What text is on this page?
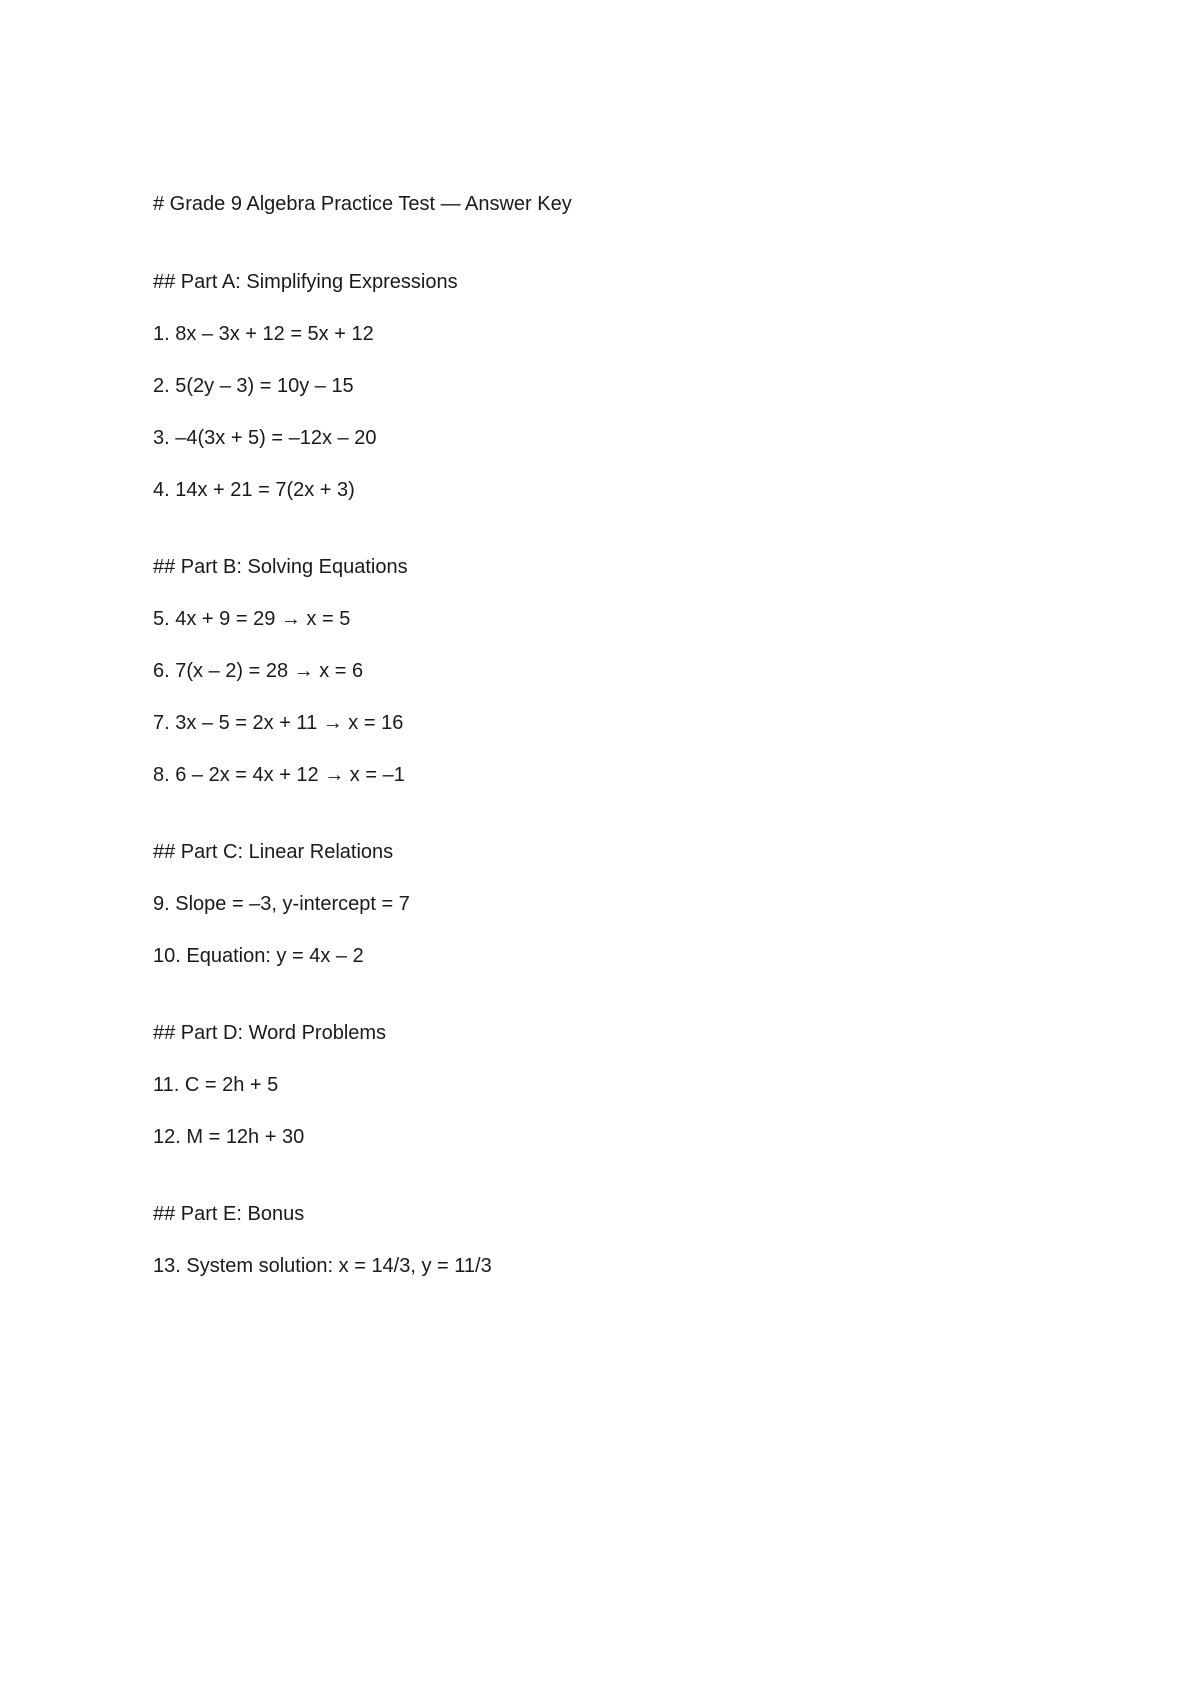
# Grade 9 Algebra Practice Test — Answer Key
## Part A: Simplifying Expressions
1. 8x – 3x + 12 = 5x + 12
2. 5(2y – 3) = 10y – 15
3. –4(3x + 5) = –12x – 20
4. 14x + 21 = 7(2x + 3)
## Part B: Solving Equations
5. 4x + 9 = 29 → x = 5
6. 7(x – 2) = 28 → x = 6
7. 3x – 5 = 2x + 11 → x = 16
8. 6 – 2x = 4x + 12 → x = –1
## Part C: Linear Relations
9. Slope = –3, y-intercept = 7
10. Equation: y = 4x – 2
## Part D: Word Problems
11. C = 2h + 5
12. M = 12h + 30
## Part E: Bonus
13. System solution: x = 14/3, y = 11/3
